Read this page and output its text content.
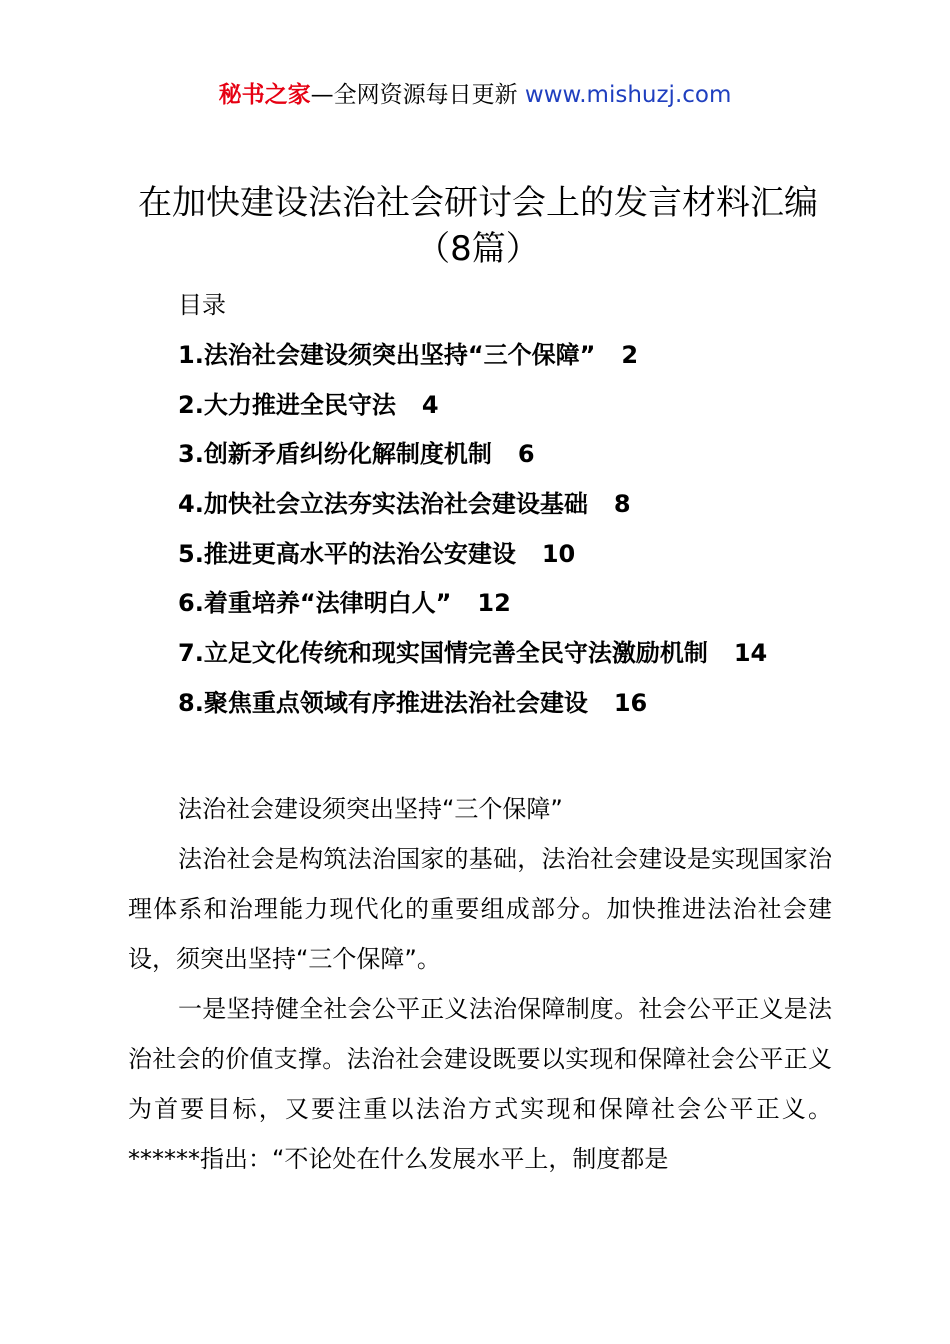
秘书之家—全网资源每日更新 www.mishuzj.com
在加快建设法治社会研讨会上的发言材料汇编（8篇）
目录
1.法治社会建设须突出坚持“三个保障” 2
2.大力推进全民守法 4
3.创新矛盾纠纷化解制度机制 6
4.加快社会立法夯实法治社会建设基础 8
5.推进更高水平的法治公安建设 10
6.着重培养“法律明白人” 12
7.立足文化传统和现实国情完善全民守法激励机制 14
8.聚焦重点领域有序推进法治社会建设 16

法治社会建设须突出坚持“三个保障”

法治社会是构筑法治国家的基础，法治社会建设是实现国家治理体系和治理能力现代化的重要组成部分。加快推进法治社会建设，须突出坚持“三个保障”。

一是坚持健全社会公平正义法治保障制度。社会公平正义是法治社会的价值支撑。法治社会建设既要以实现和保障社会公平正义为首要目标，又要注重以法治方式实现和保障社会公平正义。******指出：“不论处在什么发展水平上，制度都是
